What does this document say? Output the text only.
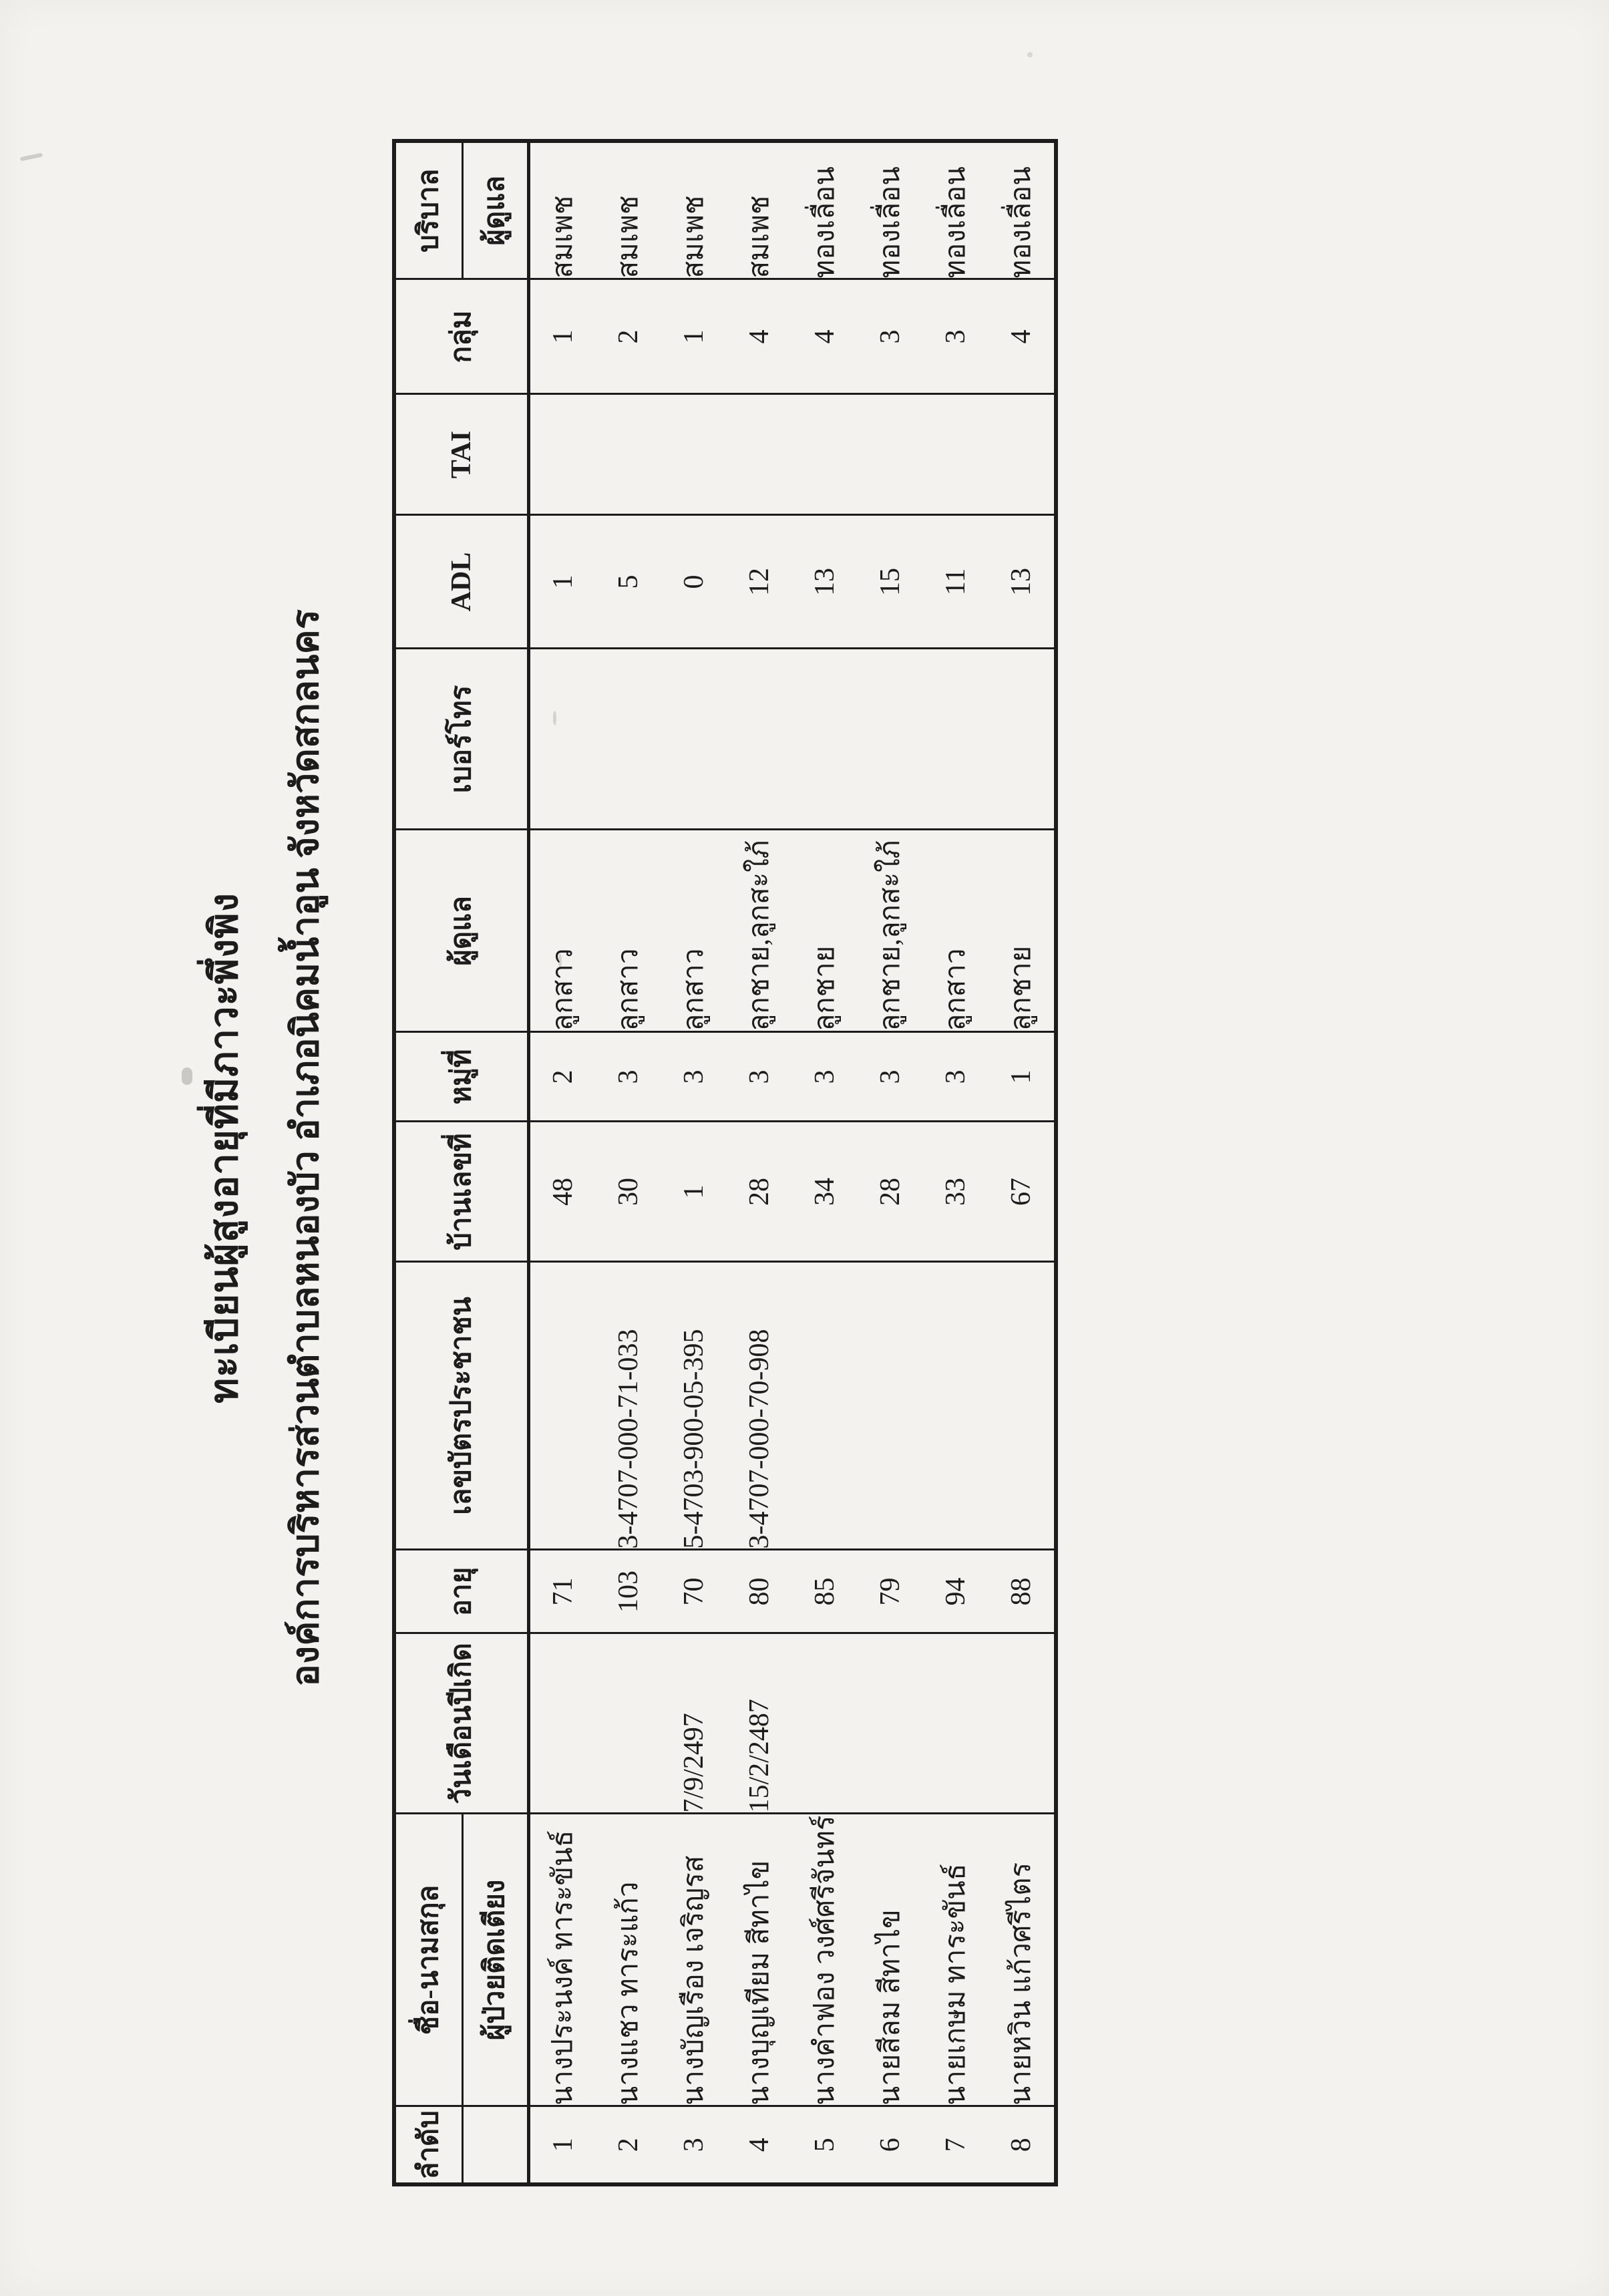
ทะเบียนผู้สูงอายุที่มีภาวะพึ่งพิง องค์การบริหารส่วนตำบลหนองบัว อำเภอนิคมน้ำอูน จังหวัดสกลนคร
ลำดับ	ชื่อ-นามสกุล	วันเดือนปีเกิด	อายุ	เลขบัตรประชาชน	บ้านเลขที่	หมู่ที่	ผู้ดูแล	เบอร์โทร	ADL	TAI	กลุ่ม	บริบาล
	ผู้ป่วยติดเตียง											ผู้ดูแล
1	นางประนงค์ ทาระขันธ์		71		48	2	ลูกสาว		1		1	สมเพช
2	นางแชว ทาระแก้ว		103	3-4707-000-71-033	30	3	ลูกสาว		5		2	สมเพช
3	นางบัญเรือง เจริญรส	7/9/2497	70	5-4703-900-05-395	1	3	ลูกสาว		0		1	สมเพช
4	นางบุญเทียม สีทาไข	15/2/2487	80	3-4707-000-70-908	28	3	ลูกชาย,ลูกสะใภ้		12		4	สมเพช
5	นางคำฟอง วงศ์ศรีจันทร์		85		34	3	ลูกชาย		13		4	ทองเลื่อน
6	นายสีลม สีทาไข		79		28	3	ลูกชาย,ลูกสะใภ้		15		3	ทองเลื่อน
7	นายเกษม ทาระขันธ์		94		33	3	ลูกสาว		11		3	ทองเลื่อน
8	นายหวิน แก้วศรีไตร		88		67	1	ลูกชาย		13		4	ทองเลื่อน
